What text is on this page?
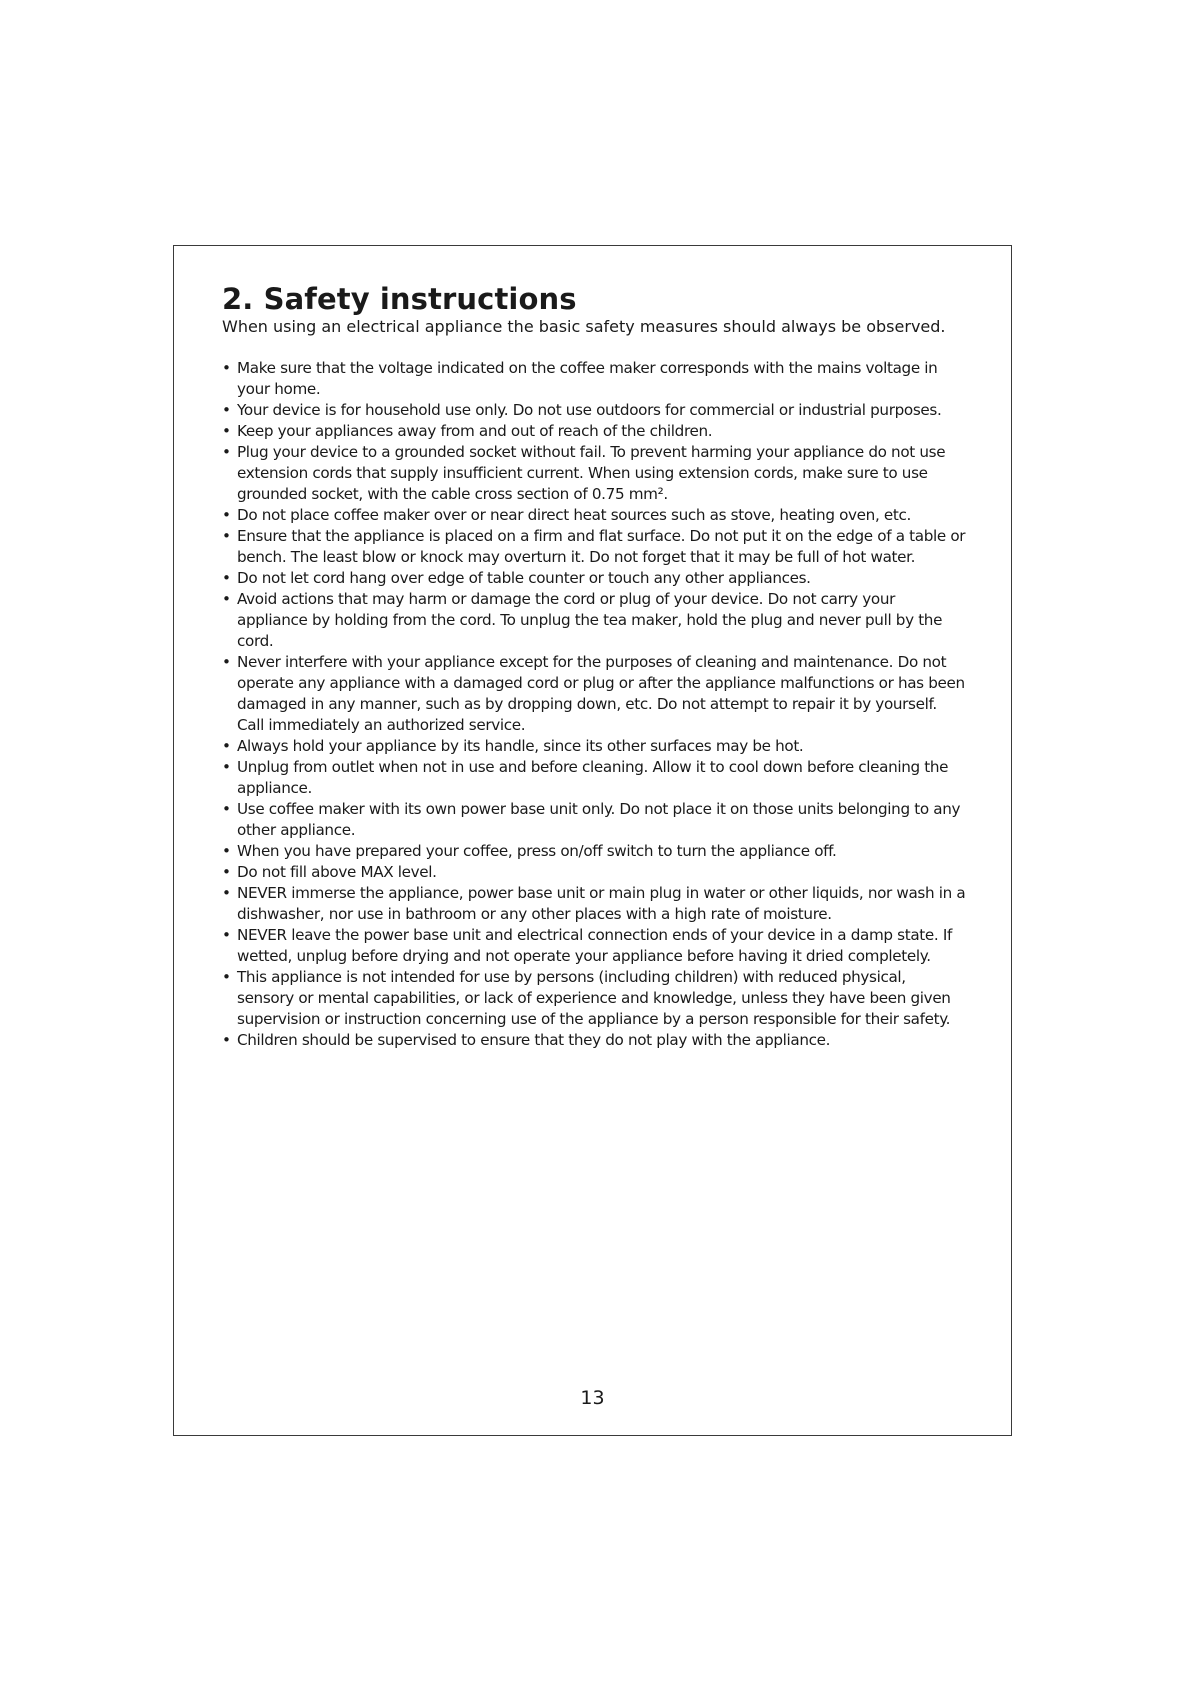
2. Safety instructions

When using an electrical appliance the basic safety measures should always be observed.

• Make sure that the voltage indicated on the coffee maker corresponds with the mains voltage in your home.
• Your device is for household use only. Do not use outdoors for commercial or industrial purposes.
• Keep your appliances away from and out of reach of the children.
• Plug your device to a grounded socket without fail. To prevent harming your appliance do not use extension cords that supply insufficient current. When using extension cords, make sure to use grounded socket, with the cable cross section of 0.75 mm².
• Do not place coffee maker over or near direct heat sources such as stove, heating oven, etc.
• Ensure that the appliance is placed on a firm and flat surface. Do not put it on the edge of a table or bench. The least blow or knock may overturn it. Do not forget that it may be full of hot water.
• Do not let cord hang over edge of table counter or touch any other appliances.
• Avoid actions that may harm or damage the cord or plug of your device. Do not carry your appliance by holding from the cord. To unplug the tea maker, hold the plug and never pull by the cord.
• Never interfere with your appliance except for the purposes of cleaning and maintenance. Do not operate any appliance with a damaged cord or plug or after the appliance malfunctions or has been damaged in any manner, such as by dropping down, etc. Do not attempt to repair it by yourself. Call immediately an authorized service.
• Always hold your appliance by its handle, since its other surfaces may be hot.
• Unplug from outlet when not in use and before cleaning. Allow it to cool down before cleaning the appliance.
• Use coffee maker with its own power base unit only. Do not place it on those units belonging to any other appliance.
• When you have prepared your coffee, press on/off switch to turn the appliance off.
• Do not fill above MAX level.
• NEVER immerse the appliance, power base unit or main plug in water or other liquids, nor wash in a dishwasher, nor use in bathroom or any other places with a high rate of moisture.
• NEVER leave the power base unit and electrical connection ends of your device in a damp state. If wetted, unplug before drying and not operate your appliance before having it dried completely.
• This appliance is not intended for use by persons (including children) with reduced physical, sensory or mental capabilities, or lack of experience and knowledge, unless they have been given supervision or instruction concerning use of the appliance by a person responsible for their safety.
• Children should be supervised to ensure that they do not play with the appliance.
13
